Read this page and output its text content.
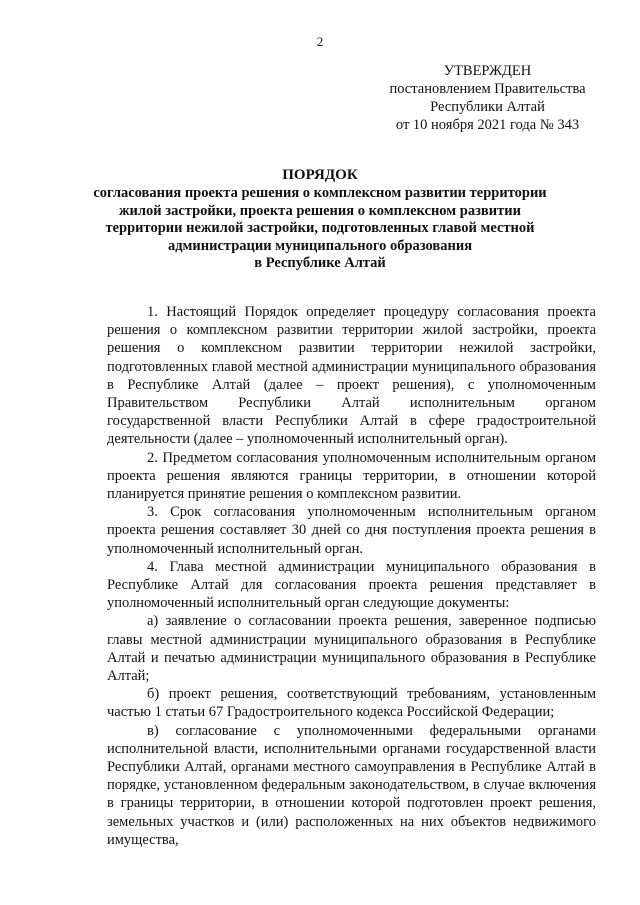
2
УТВЕРЖДЕН
постановлением Правительства
Республики Алтай
от 10 ноября 2021 года № 343
ПОРЯДОК
согласования проекта решения о комплексном развитии территории
жилой застройки, проекта решения о комплексном развитии
территории нежилой застройки, подготовленных главой местной
администрации муниципального образования
в Республике Алтай

1. Настоящий Порядок определяет процедуру согласования проекта решения о комплексном развитии территории жилой застройки, проекта решения о комплексном развитии территории нежилой застройки, подготовленных главой местной администрации муниципального образования в Республике Алтай (далее – проект решения), с уполномоченным Правительством Республики Алтай исполнительным органом государственной власти Республики Алтай в сфере градостроительной деятельности (далее – уполномоченный исполнительный орган).

2. Предметом согласования уполномоченным исполнительным органом проекта решения являются границы территории, в отношении которой планируется принятие решения о комплексном развитии.

3. Срок согласования уполномоченным исполнительным органом проекта решения составляет 30 дней со дня поступления проекта решения в уполномоченный исполнительный орган.

4. Глава местной администрации муниципального образования в Республике Алтай для согласования проекта решения представляет в уполномоченный исполнительный орган следующие документы:

а) заявление о согласовании проекта решения, заверенное подписью главы местной администрации муниципального образования в Республике Алтай и печатью администрации муниципального образования в Республике Алтай;

б) проект решения, соответствующий требованиям, установленным частью 1 статьи 67 Градостроительного кодекса Российской Федерации;

в) согласование с уполномоченными федеральными органами исполнительной власти, исполнительными органами государственной власти Республики Алтай, органами местного самоуправления в Республике Алтай в порядке, установленном федеральным законодательством, в случае включения в границы территории, в отношении которой подготовлен проект решения, земельных участков и (или) расположенных на них объектов недвижимого имущества,
